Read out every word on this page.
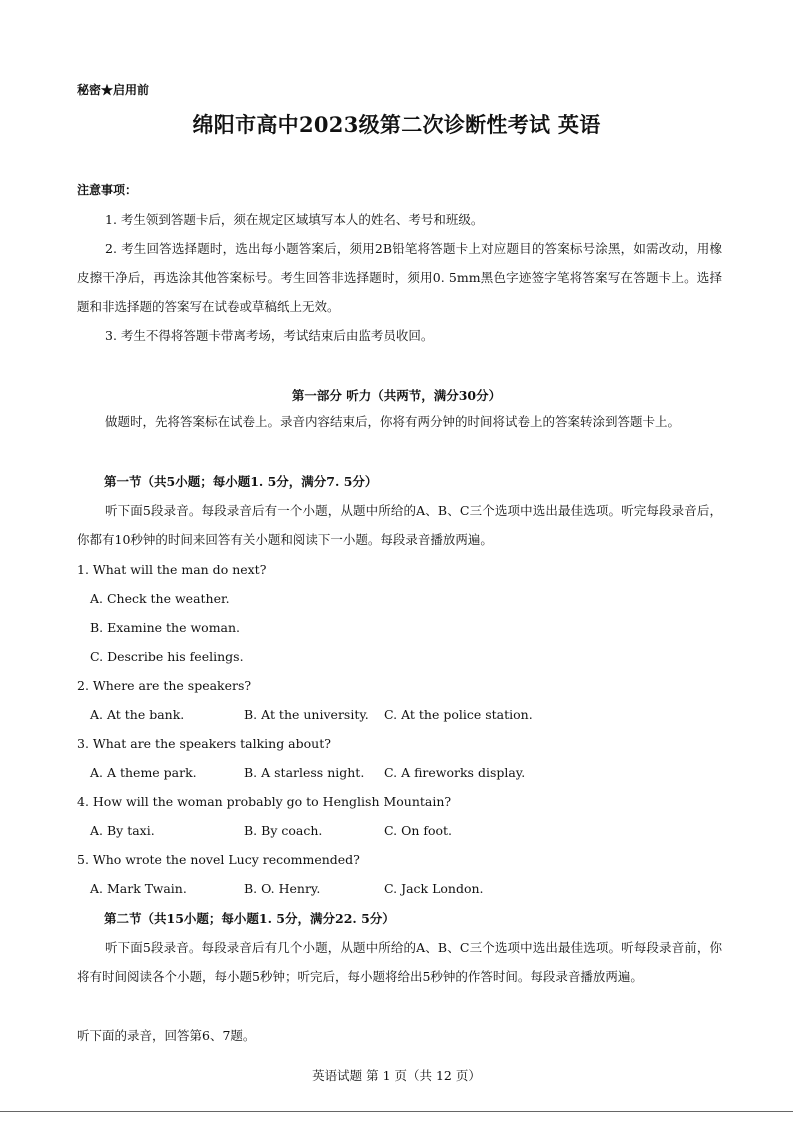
秘密★启用前
绵阳市高中2023级第二次诊断性考试 英语
注意事项：
1. 考生领到答题卡后，须在规定区域填写本人的姓名、考号和班级。
2. 考生回答选择题时，选出每小题答案后，须用2B铅笔将答题卡上对应题目的答案标号涂黑，如需改动，用橡皮擦干净后，再选涂其他答案标号。考生回答非选择题时，须用0. 5mm黑色字迹签字笔将答案写在答题卡上。选择题和非选择题的答案写在试卷或草稿纸上无效。
3. 考生不得将答题卡带离考场，考试结束后由监考员收回。
第一部分 听力（共两节，满分30分）
做题时，先将答案标在试卷上。录音内容结束后，你将有两分钟的时间将试卷上的答案转涂到答题卡上。
第一节（共5小题；每小题1. 5分，满分7. 5分）
听下面5段录音。每段录音后有一个小题，从题中所给的A、B、C三个选项中选出最佳选项。听完每段录音后，你都有10秒钟的时间来回答有关小题和阅读下一小题。每段录音播放两遍。
1. What will the man do next?
A. Check the weather.
B. Examine the woman.
C. Describe his feelings.
2. Where are the speakers?
A. At the bank.	B. At the university. C. At the police station.
3. What are the speakers talking about?
A. A theme park.	B. A starless night. C. A fireworks display.
4. How will the woman probably go to Henglish Mountain?
A. By taxi.	B. By coach.	C. On foot.
5. Who wrote the novel Lucy recommended?
A. Mark Twain.	B. O. Henry.	C. Jack London.
第二节（共15小题；每小题1. 5分，满分22. 5分）
听下面5段录音。每段录音后有几个小题，从题中所给的A、B、C三个选项中选出最佳选项。听每段录音前，你将有时间阅读各个小题，每小题5秒钟；听完后，每小题将给出5秒钟的作答时间。每段录音播放两遍。
听下面的录音，回答第6、7题。
英语试题 第 1 页（共 12 页）
